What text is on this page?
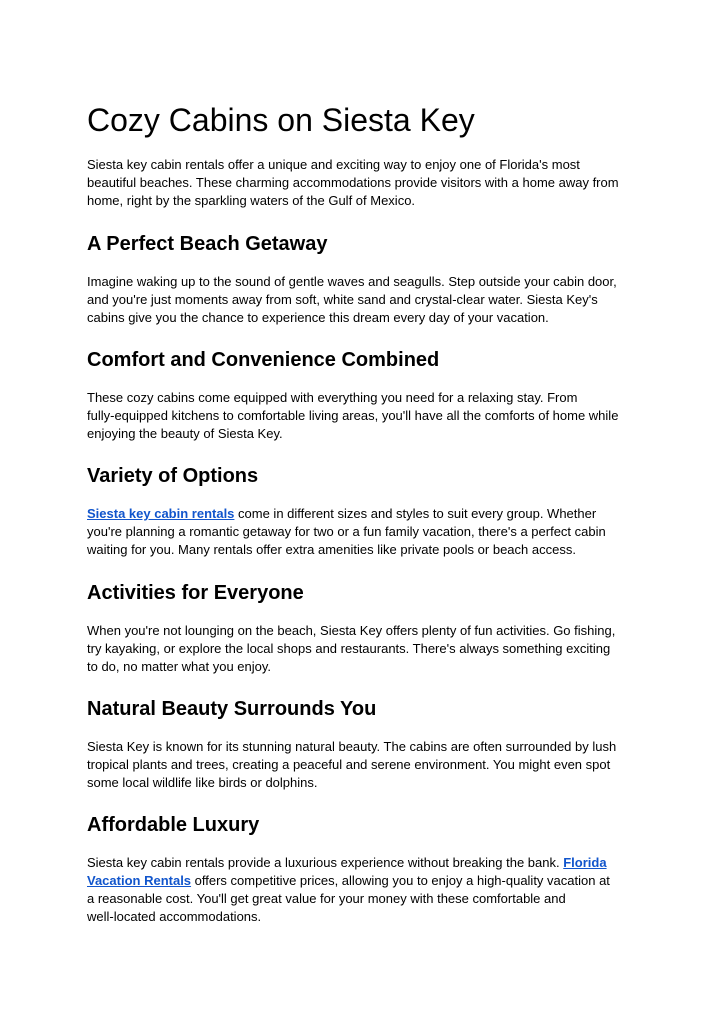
Cozy Cabins on Siesta Key

Siesta key cabin rentals offer a unique and exciting way to enjoy one of Florida's most
beautiful beaches. These charming accommodations provide visitors with a home away from
home, right by the sparkling waters of the Gulf of Mexico.

A Perfect Beach Getaway

Imagine waking up to the sound of gentle waves and seagulls. Step outside your cabin door,
and you're just moments away from soft, white sand and crystal-clear water. Siesta Key's
cabins give you the chance to experience this dream every day of your vacation.

Comfort and Convenience Combined

These cozy cabins come equipped with everything you need for a relaxing stay. From
fully-equipped kitchens to comfortable living areas, you'll have all the comforts of home while
enjoying the beauty of Siesta Key.

Variety of Options

Siesta key cabin rentals come in different sizes and styles to suit every group. Whether
you're planning a romantic getaway for two or a fun family vacation, there's a perfect cabin
waiting for you. Many rentals offer extra amenities like private pools or beach access.

Activities for Everyone

When you're not lounging on the beach, Siesta Key offers plenty of fun activities. Go fishing,
try kayaking, or explore the local shops and restaurants. There's always something exciting
to do, no matter what you enjoy.

Natural Beauty Surrounds You

Siesta Key is known for its stunning natural beauty. The cabins are often surrounded by lush
tropical plants and trees, creating a peaceful and serene environment. You might even spot
some local wildlife like birds or dolphins.

Affordable Luxury

Siesta key cabin rentals provide a luxurious experience without breaking the bank. Florida
Vacation Rentals offers competitive prices, allowing you to enjoy a high-quality vacation at
a reasonable cost. You'll get great value for your money with these comfortable and
well-located accommodations.
